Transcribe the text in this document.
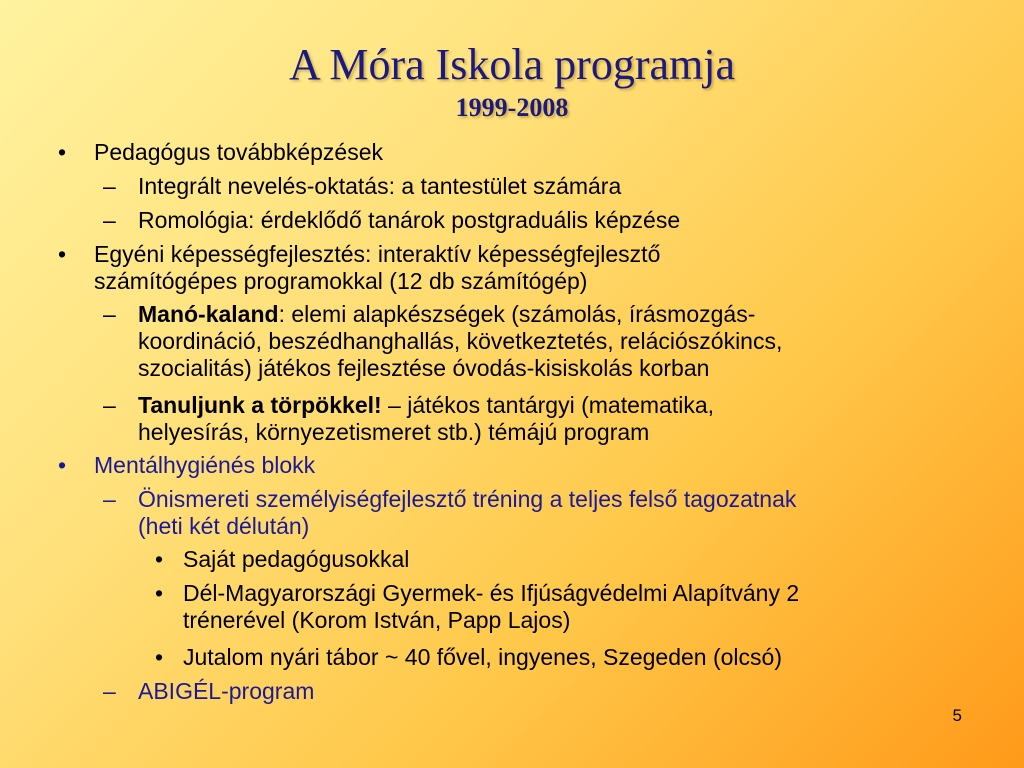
A Móra Iskola programja
1999-2008
• Pedagógus továbbképzések
– Integrált nevelés-oktatás: a tantestület számára
– Romológia: érdeklődő tanárok postgraduális képzése
• Egyéni képességfejlesztés: interaktív képességfejlesztő
számítógépes programokkal (12 db számítógép)
– Manó-kaland: elemi alapkészségek (számolás, írásmozgás-
koordináció, beszédhanghallás, következtetés, relációszókincs,
szocialitás) játékos fejlesztése óvodás-kisiskolás korban
– Tanuljunk a törpökkel! – játékos tantárgyi (matematika,
helyesírás, környezetismeret stb.) témájú program
• Mentálhygiénés blokk
– Önismereti személyiségfejlesztő tréning a teljes felső tagozatnak
(heti két délután)
• Saját pedagógusokkal
• Dél-Magyarországi Gyermek- és Ifjúságvédelmi Alapítvány 2
trénerével (Korom István, Papp Lajos)
• Jutalom nyári tábor ~ 40 fővel, ingyenes, Szegeden (olcsó)
– ABIGÉL-program
5
